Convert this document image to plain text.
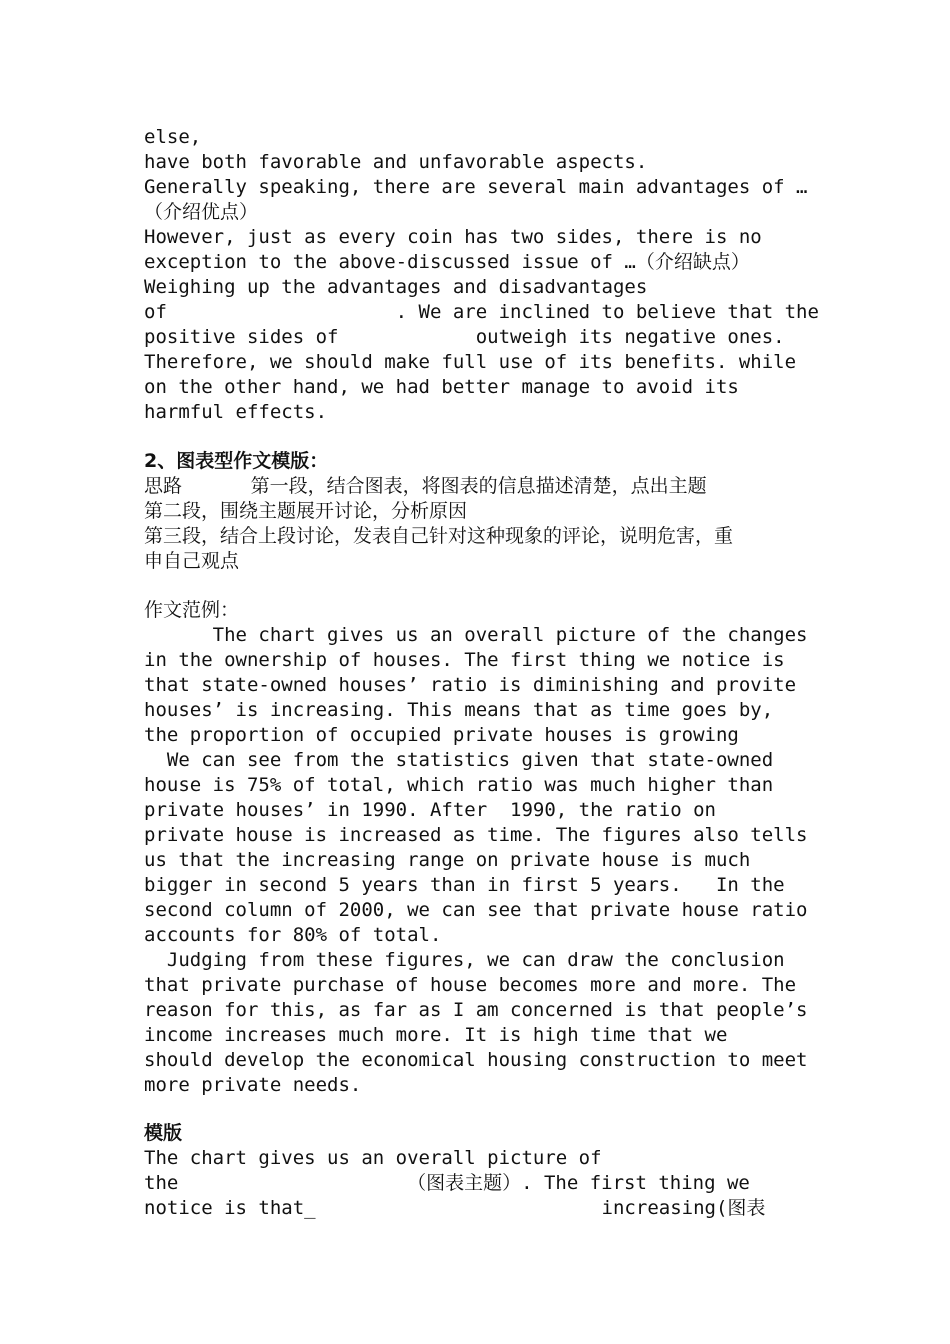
else,
have both favorable and unfavorable aspects.
Generally speaking, there are several main advantages of …
（介绍优点）
However, just as every coin has two sides, there is no
exception to the above-discussed issue of …（介绍缺点）
Weighing up the advantages and disadvantages
of                    . We are inclined to believe that the
positive sides of            outweigh its negative ones.
Therefore, we should make full use of its benefits. while
on the other hand, we had better manage to avoid its
harmful effects.
2、图表型作文模版：
思路      第一段，结合图表，将图表的信息描述清楚，点出主题
第二段，围绕主题展开讨论，分析原因
第三段，结合上段讨论，发表自己针对这种现象的评论，说明危害，重
申自己观点
作文范例：
The chart gives us an overall picture of the changes
in the ownership of houses. The first thing we notice is
that state-owned houses’ ratio is diminishing and provite
houses’ is increasing. This means that as time goes by,
the proportion of occupied private houses is growing
We can see from the statistics given that state-owned
house is 75% of total, which ratio was much higher than
private houses’ in 1990. After  1990, the ratio on
private house is increased as time. The figures also tells
us that the increasing range on private house is much
bigger in second 5 years than in first 5 years.   In the
second column of 2000, we can see that private house ratio
accounts for 80% of total.
Judging from these figures, we can draw the conclusion
that private purchase of house becomes more and more. The
reason for this, as far as I am concerned is that people’s
income increases much more. It is high time that we
should develop the economical housing construction to meet
more private needs.
模版
The chart gives us an overall picture of
the                    （图表主题）. The first thing we
notice is that_                         increasing(图表
